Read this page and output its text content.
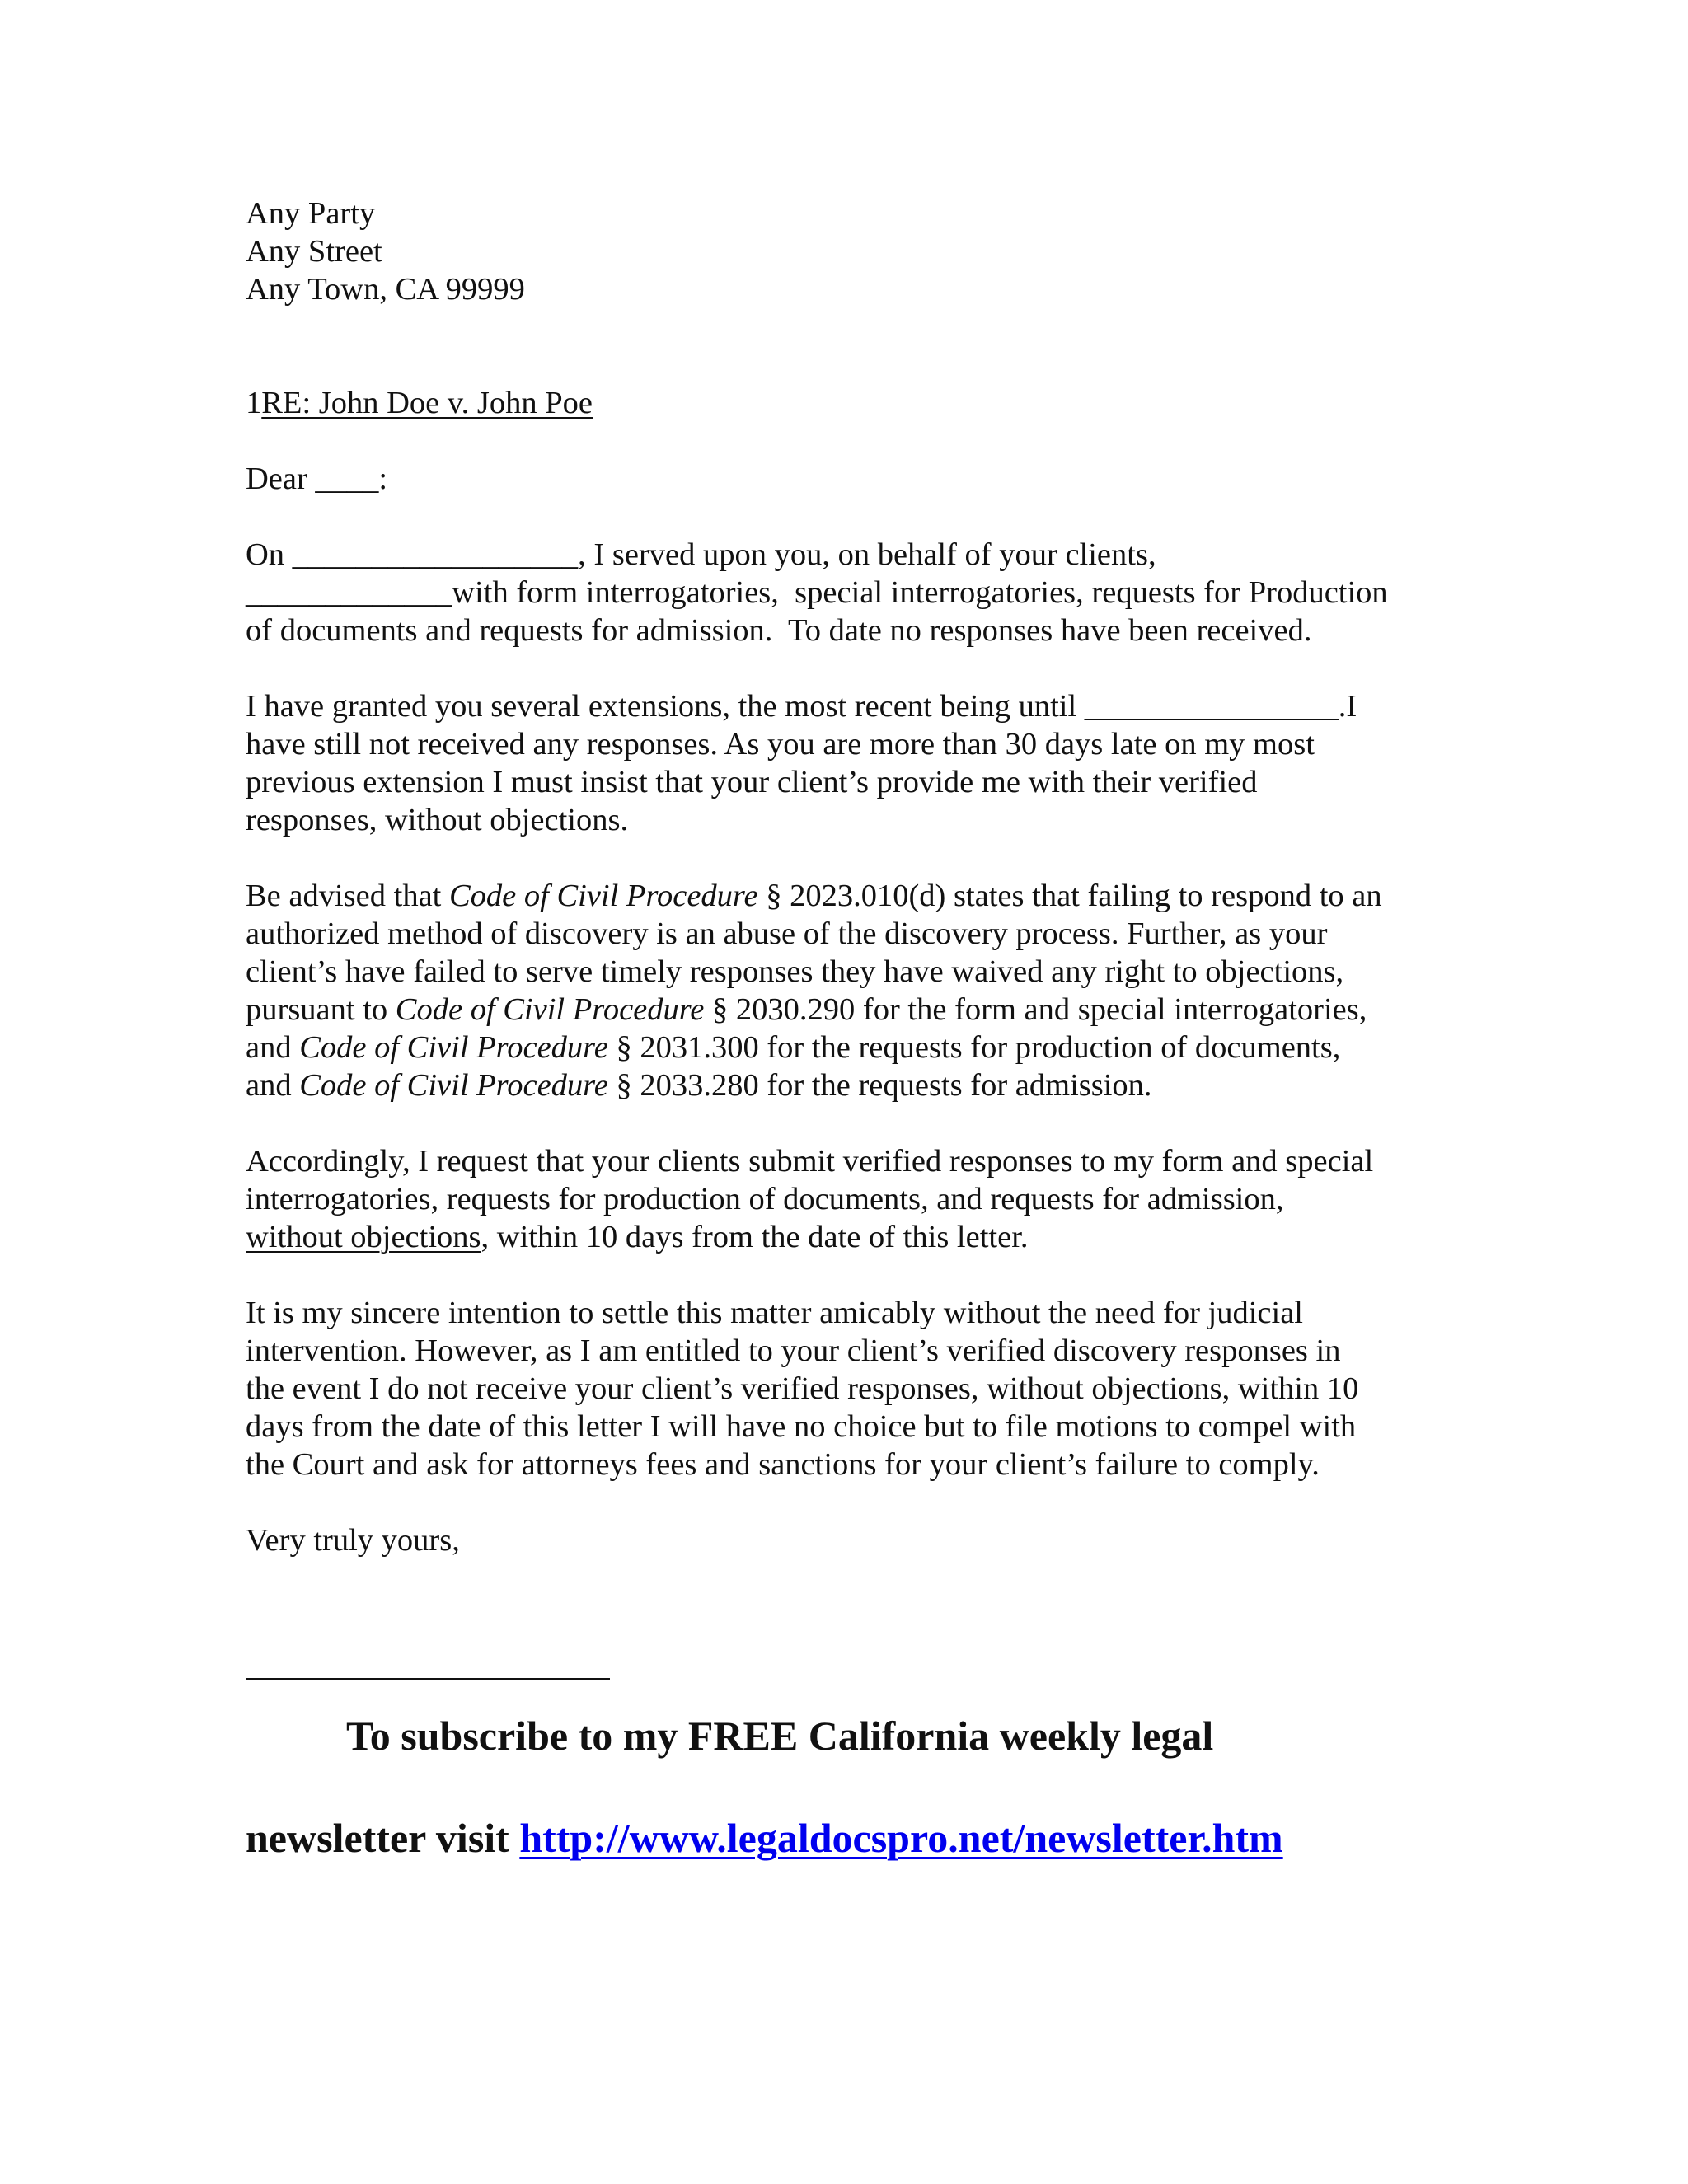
Any Party
Any Street
Any Town, CA 99999
1RE: John Doe v. John Poe
Dear ____:
On __________________, I served upon you, on behalf of your clients,
_____________with form interrogatories,  special interrogatories, requests for Production
of documents and requests for admission.  To date no responses have been received.
I have granted you several extensions, the most recent being until ________________.I
have still not received any responses. As you are more than 30 days late on my most
previous extension I must insist that your client’s provide me with their verified
responses, without objections.
Be advised that Code of Civil Procedure § 2023.010(d) states that failing to respond to an
authorized method of discovery is an abuse of the discovery process. Further, as your
client’s have failed to serve timely responses they have waived any right to objections,
pursuant to Code of Civil Procedure § 2030.290 for the form and special interrogatories,
and Code of Civil Procedure § 2031.300 for the requests for production of documents,
and Code of Civil Procedure § 2033.280 for the requests for admission.
Accordingly, I request that your clients submit verified responses to my form and special
interrogatories, requests for production of documents, and requests for admission,
without objections, within 10 days from the date of this letter.
It is my sincere intention to settle this matter amicably without the need for judicial
intervention. However, as I am entitled to your client’s verified discovery responses in
the event I do not receive your client’s verified responses, without objections, within 10
days from the date of this letter I will have no choice but to file motions to compel with
the Court and ask for attorneys fees and sanctions for your client’s failure to comply.
Very truly yours,
To subscribe to my FREE California weekly legal
newsletter visit http://www.legaldocspro.net/newsletter.htm
